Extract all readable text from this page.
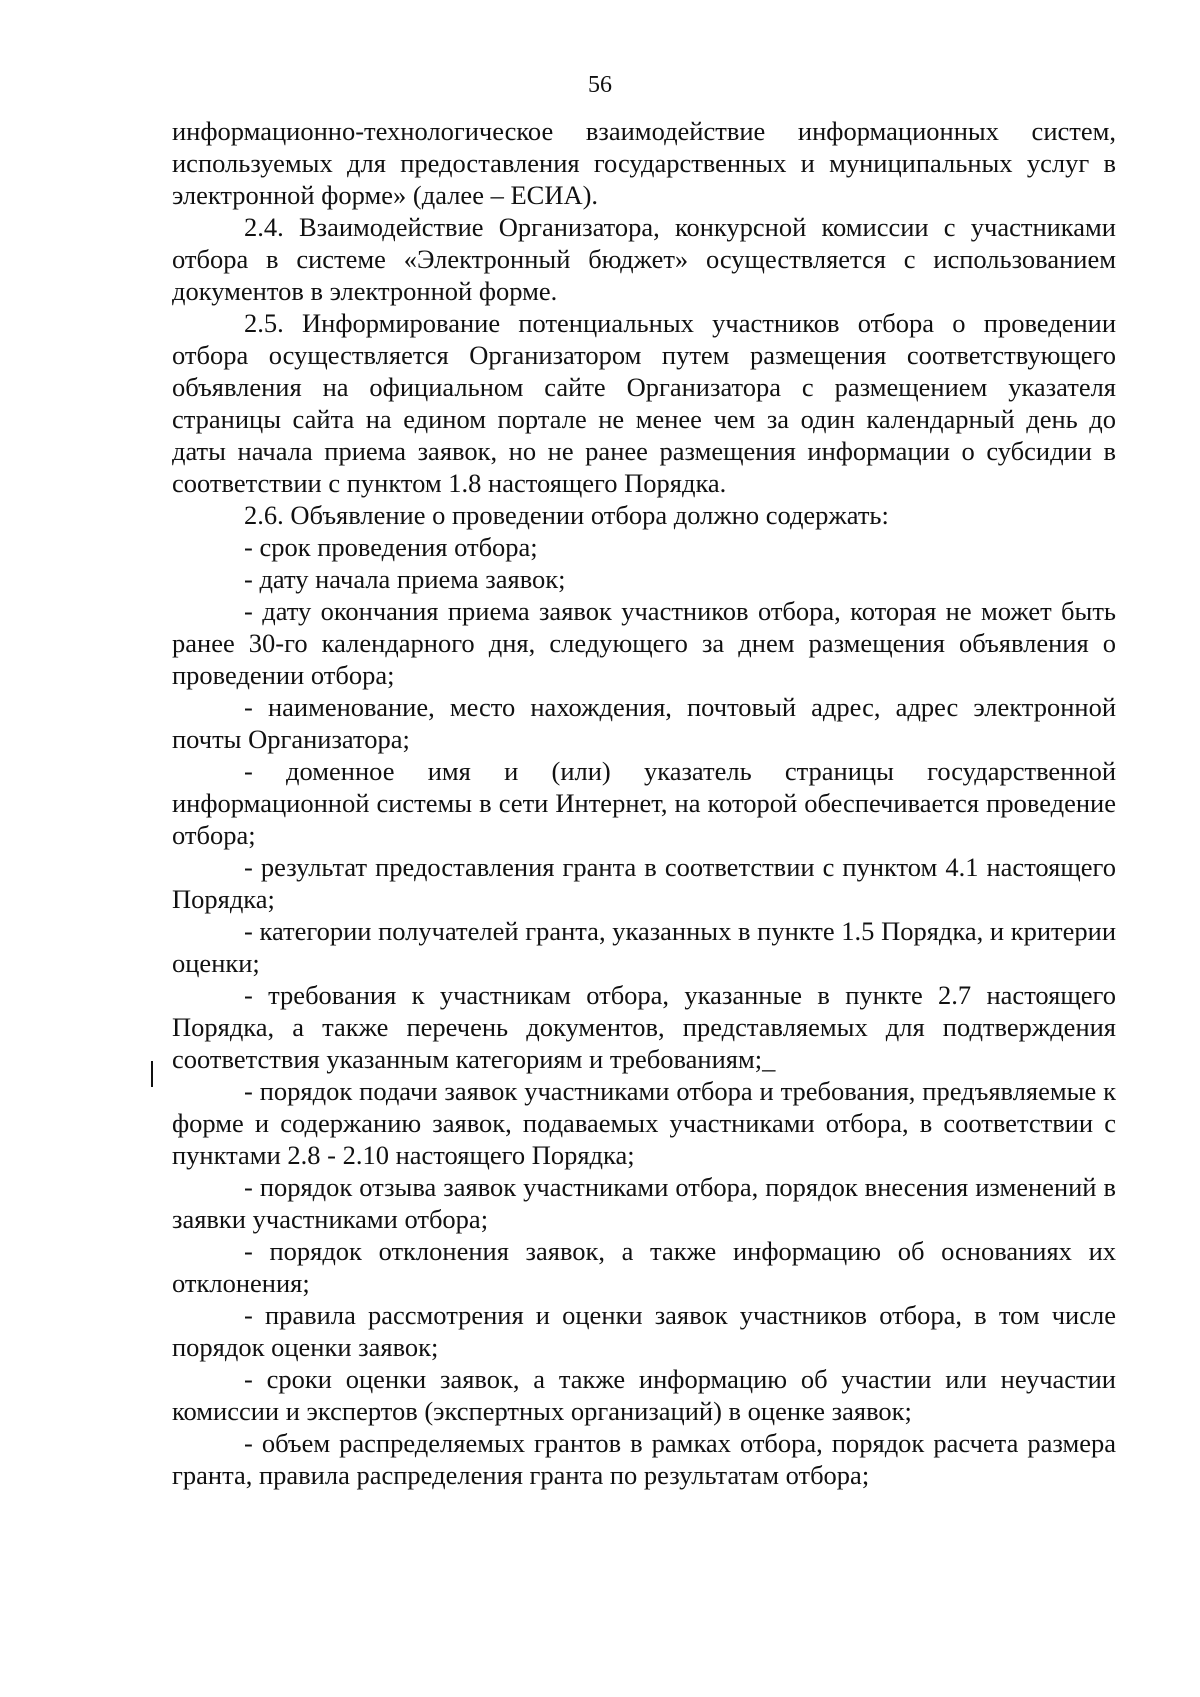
56

информационно-технологическое взаимодействие информационных систем, используемых для предоставления государственных и муниципальных услуг в электронной форме» (далее – ЕСИА).

2.4. Взаимодействие Организатора, конкурсной комиссии с участниками отбора в системе «Электронный бюджет» осуществляется с использованием документов в электронной форме.

2.5. Информирование потенциальных участников отбора о проведении отбора осуществляется Организатором путем размещения соответствующего объявления на официальном сайте Организатора с размещением указателя страницы сайта на едином портале не менее чем за один календарный день до даты начала приема заявок, но не ранее размещения информации о субсидии в соответствии с пунктом 1.8 настоящего Порядка.

2.6. Объявление о проведении отбора должно содержать:

- срок проведения отбора;

- дату начала приема заявок;

- дату окончания приема заявок участников отбора, которая не может быть ранее 30-го календарного дня, следующего за днем размещения объявления о проведении отбора;

- наименование, место нахождения, почтовый адрес, адрес электронной почты Организатора;

- доменное имя и (или) указатель страницы государственной информационной системы в сети Интернет, на которой обеспечивается проведение отбора;

- результат предоставления гранта в соответствии с пунктом 4.1 настоящего Порядка;

- категории получателей гранта, указанных в пункте 1.5 Порядка, и критерии оценки;

- требования к участникам отбора, указанные в пункте 2.7 настоящего Порядка, а также перечень документов, представляемых для подтверждения соответствия указанным категориям и требованиям;_

- порядок подачи заявок участниками отбора и требования, предъявляемые к форме и содержанию заявок, подаваемых участниками отбора, в соответствии с пунктами 2.8 - 2.10 настоящего Порядка;

- порядок отзыва заявок участниками отбора, порядок внесения изменений в заявки участниками отбора;

- порядок отклонения заявок, а также информацию об основаниях их отклонения;

- правила рассмотрения и оценки заявок участников отбора, в том числе порядок оценки заявок;

- сроки оценки заявок, а также информацию об участии или неучастии комиссии и экспертов (экспертных организаций) в оценке заявок;

- объем распределяемых грантов в рамках отбора, порядок расчета размера гранта, правила распределения гранта по результатам отбора;
